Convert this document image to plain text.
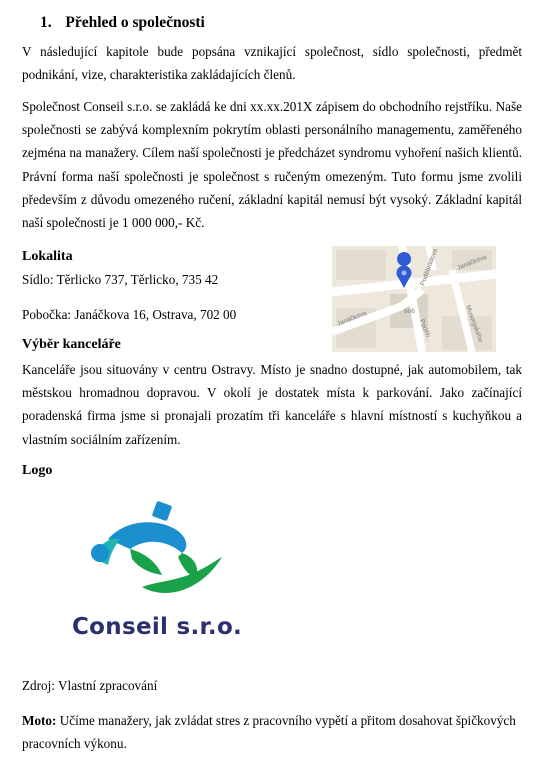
1. Přehled o společnosti
V následující kapitole bude popsána vznikající společnost, sídlo společnosti, předmět podnikání, vize, charakteristika zakládajících členů.
Společnost Conseil s.r.o. se zakládá ke dni xx.xx.201X zápisem do obchodního rejstříku. Naše společnosti se zabývá komplexním pokrytím oblasti personálního managementu, zaměřeného zejména na manažery. Cílem naší společnosti je předcházet syndromu vyhoření našich klientů. Právní forma naší společnosti je společnost s ručeným omezeným. Tuto formu jsme zvolili především z důvodu omezeného ručení, základní kapitál nemusí být vysoký. Základní kapitál naší společnosti je 1 000 000,- Kč.
Lokalita
Sídlo: Těrlicko 737, Těrlicko, 735 42
Pobočka: Janáčkova 16, Ostrava, 702 00
Poděbradova	Janáčkova
Janáčkova	Musorgského
Poděb...
606
Výběr kanceláře
Kanceláře jsou situovány v centru Ostravy. Místo je snadno dostupné, jak automobilem, tak městskou hromadnou dopravou. V okolí je dostatek místa k parkování. Jako začínající poradenská firma jsme si pronajali prozatím tři kanceláře s hlavní místností s kuchyňkou a vlastním sociálním zařízením.
Logo
Conseil s.r.o.
Zdroj: Vlastní zpracování
Moto: Učíme manažery, jak zvládat stres z pracovního vypětí a přitom dosahovat špičkových pracovních výkonu.
